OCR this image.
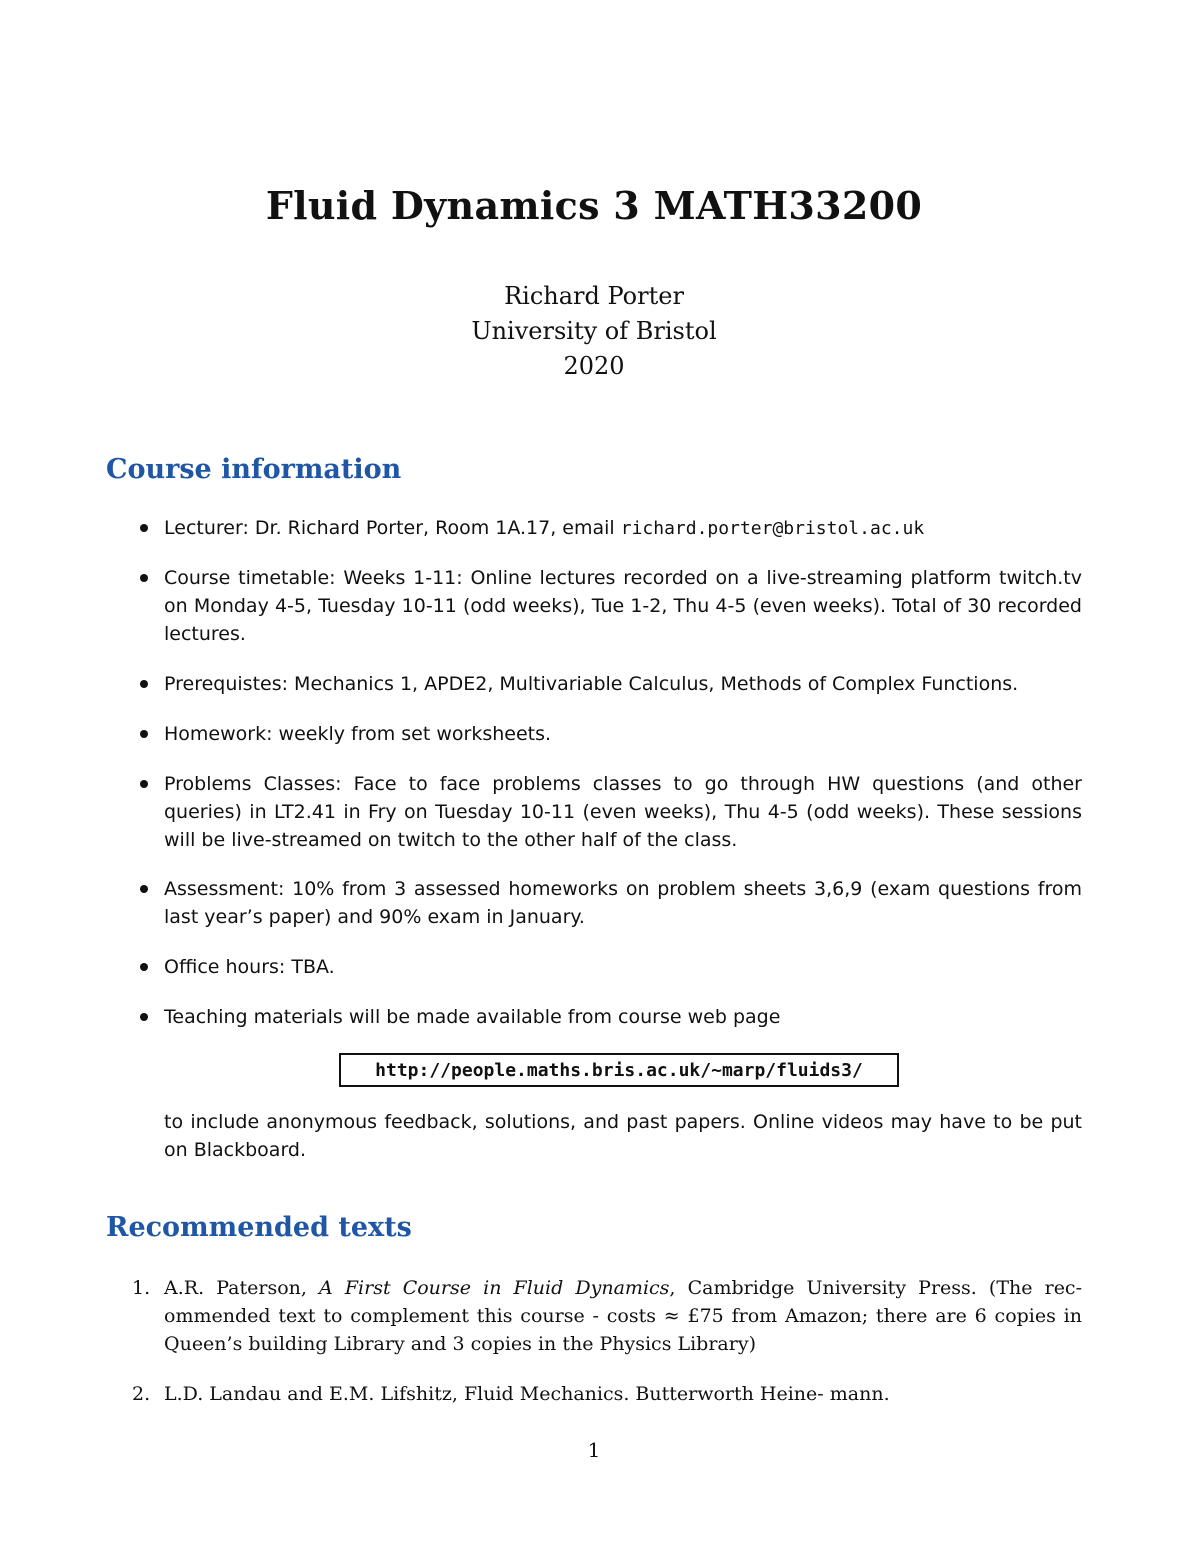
Fluid Dynamics 3 MATH33200
Richard Porter
University of Bristol
2020
Course information
Lecturer: Dr. Richard Porter, Room 1A.17, email richard.porter@bristol.ac.uk
Course timetable: Weeks 1-11: Online lectures recorded on a live-streaming platform twitch.tv on Monday 4-5, Tuesday 10-11 (odd weeks), Tue 1-2, Thu 4-5 (even weeks). Total of 30 recorded lectures.
Prerequistes: Mechanics 1, APDE2, Multivariable Calculus, Methods of Complex Functions.
Homework: weekly from set worksheets.
Problems Classes: Face to face problems classes to go through HW questions (and other queries) in LT2.41 in Fry on Tuesday 10-11 (even weeks), Thu 4-5 (odd weeks). These sessions will be live-streamed on twitch to the other half of the class.
Assessment: 10% from 3 assessed homeworks on problem sheets 3,6,9 (exam questions from last year’s paper) and 90% exam in January.
Office hours: TBA.
Teaching materials will be made available from course web page
http://people.maths.bris.ac.uk/~marp/fluids3/
to include anonymous feedback, solutions, and past papers. Online videos may have to be put on Blackboard.
Recommended texts
1. A.R. Paterson, A First Course in Fluid Dynamics, Cambridge University Press. (The rec- ommended text to complement this course - costs ≈ £75 from Amazon; there are 6 copies in Queen’s building Library and 3 copies in the Physics Library)
2. L.D. Landau and E.M. Lifshitz, Fluid Mechanics. Butterworth Heine- mann.
1
